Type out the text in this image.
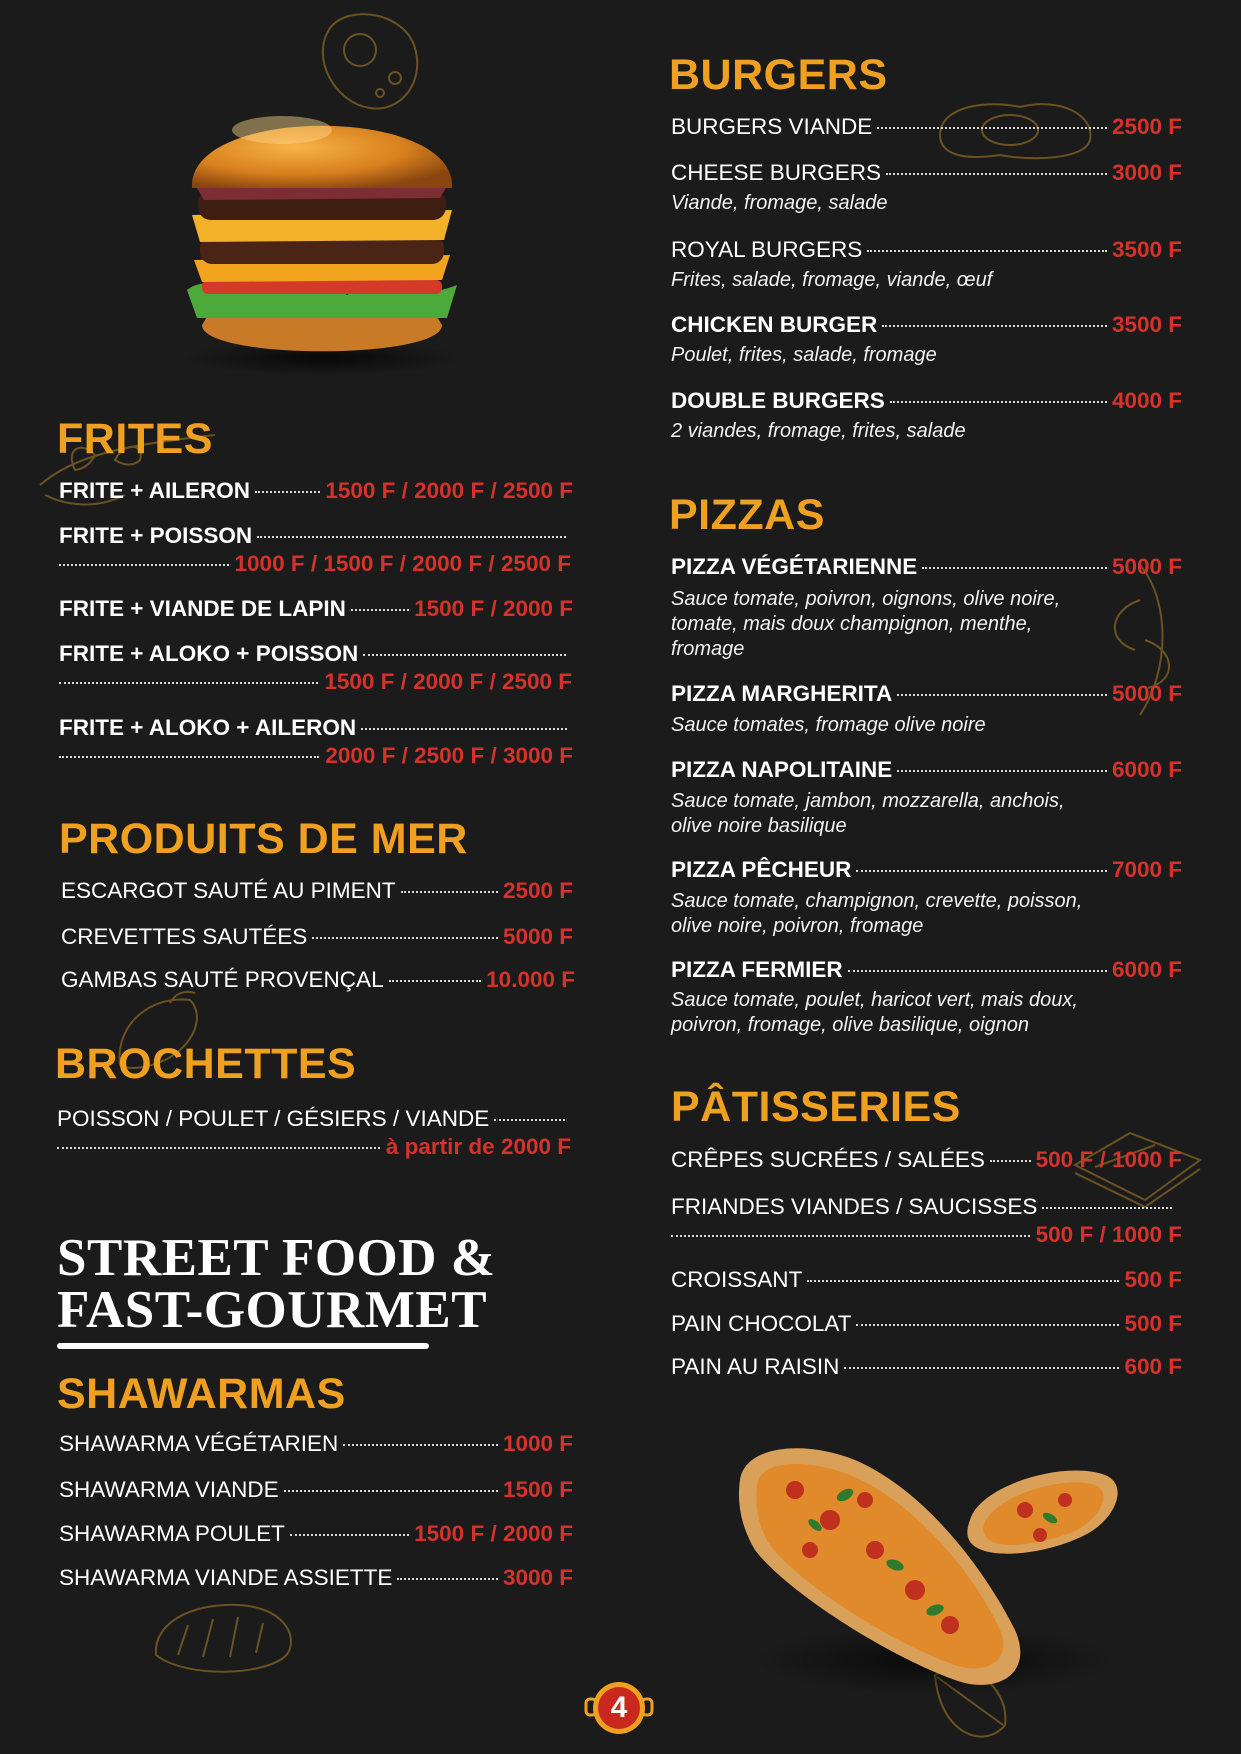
FRITES
FRITE + AILERON	1500 F / 2000 F / 2500 F
FRITE + POISSON
1000 F / 1500 F / 2000 F / 2500 F
FRITE + VIANDE DE LAPIN	1500 F / 2000 F
FRITE + ALOKO + POISSON
1500 F / 2000 F / 2500 F
FRITE + ALOKO + AILERON
2000 F / 2500 F / 3000 F
PRODUITS DE MER
ESCARGOT SAUTÉ AU PIMENT	2500 F
CREVETTES SAUTÉES	5000 F
GAMBAS SAUTÉ PROVENÇAL	10.000 F
BROCHETTES
POISSON / POULET / GÉSIERS / VIANDE
à partir de 2000 F
STREET FOOD &
FAST-GOURMET
SHAWARMAS
SHAWARMA VÉGÉTARIEN	1000 F
SHAWARMA VIANDE	1500 F
SHAWARMA POULET	1500 F / 2000 F
SHAWARMA VIANDE ASSIETTE	3000 F
BURGERS
BURGERS VIANDE	2500 F
CHEESE BURGERS	3000 F
Viande, fromage, salade
ROYAL BURGERS	3500 F
Frites, salade, fromage, viande, œuf
CHICKEN BURGER	3500 F
Poulet, frites, salade, fromage
DOUBLE BURGERS	4000 F
2 viandes, fromage, frites, salade
PIZZAS
PIZZA VÉGÉTARIENNE	5000 F
Sauce tomate, poivron, oignons, olive noire,
tomate, mais doux champignon, menthe,
fromage
PIZZA MARGHERITA	5000 F
Sauce tomates, fromage olive noire
PIZZA NAPOLITAINE	6000 F
Sauce tomate, jambon, mozzarella, anchois,
olive noire basilique
PIZZA PÊCHEUR	7000 F
Sauce tomate, champignon, crevette, poisson,
olive noire, poivron, fromage
PIZZA FERMIER	6000 F
Sauce tomate, poulet, haricot vert, mais doux,
poivron, fromage, olive basilique, oignon
PÂTISSERIES
CRÊPES SUCRÉES / SALÉES 500 F / 1000 F
FRIANDES VIANDES / SAUCISSES
500 F / 1000 F
CROISSANT	500 F
PAIN CHOCOLAT	500 F
PAIN AU RAISIN	600 F
4
